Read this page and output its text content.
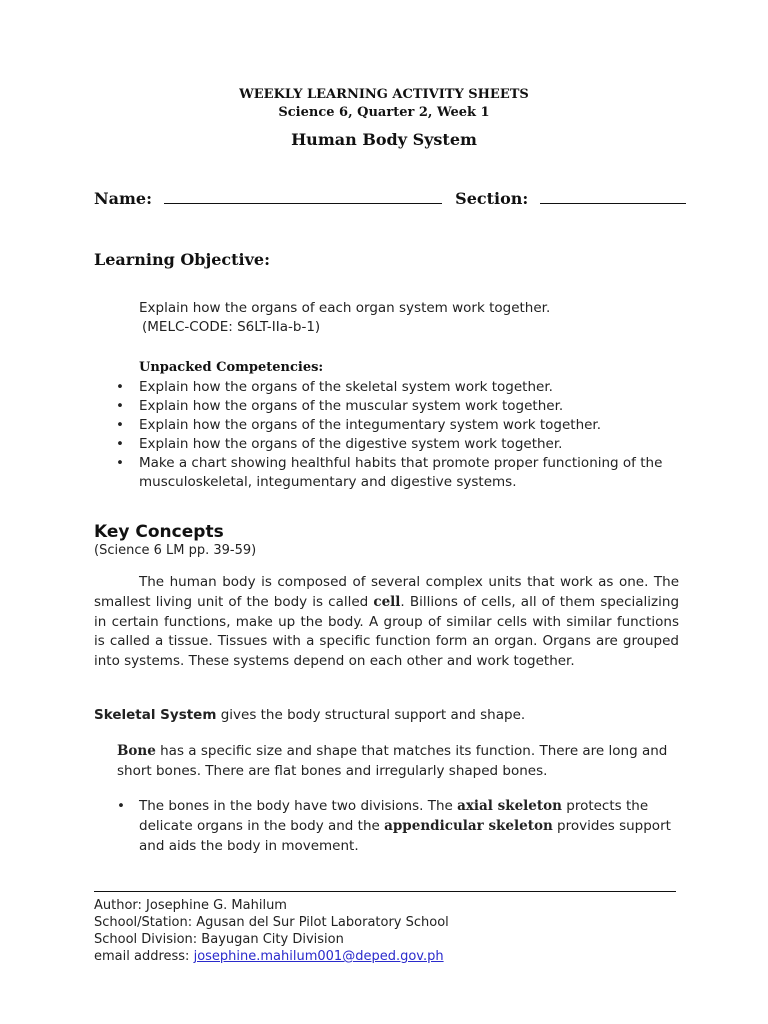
WEEKLY LEARNING ACTIVITY SHEETS
Science 6, Quarter 2, Week 1
Human Body System
Name:	Section:
Learning Objective:
Explain how the organs of each organ system work together.
(MELC-CODE: S6LT-IIa-b-1)
Unpacked Competencies:
• Explain how the organs of the skeletal system work together.
• Explain how the organs of the muscular system work together.
• Explain how the organs of the integumentary system work together.
• Explain how the organs of the digestive system work together.
• Make a chart showing healthful habits that promote proper functioning of the musculoskeletal, integumentary and digestive systems.
Key Concepts
(Science 6 LM pp. 39-59)
The human body is composed of several complex units that work as one. The smallest living unit of the body is called cell. Billions of cells, all of them specializing in certain functions, make up the body. A group of similar cells with similar functions is called a tissue. Tissues with a specific function form an organ. Organs are grouped into systems. These systems depend on each other and work together.
Skeletal System gives the body structural support and shape.
Bone has a specific size and shape that matches its function. There are long and short bones. There are flat bones and irregularly shaped bones.
• The bones in the body have two divisions. The axial skeleton protects the delicate organs in the body and the appendicular skeleton provides support and aids the body in movement.
Author: Josephine G. Mahilum
School/Station: Agusan del Sur Pilot Laboratory School
School Division: Bayugan City Division
email address: josephine.mahilum001@deped.gov.ph
